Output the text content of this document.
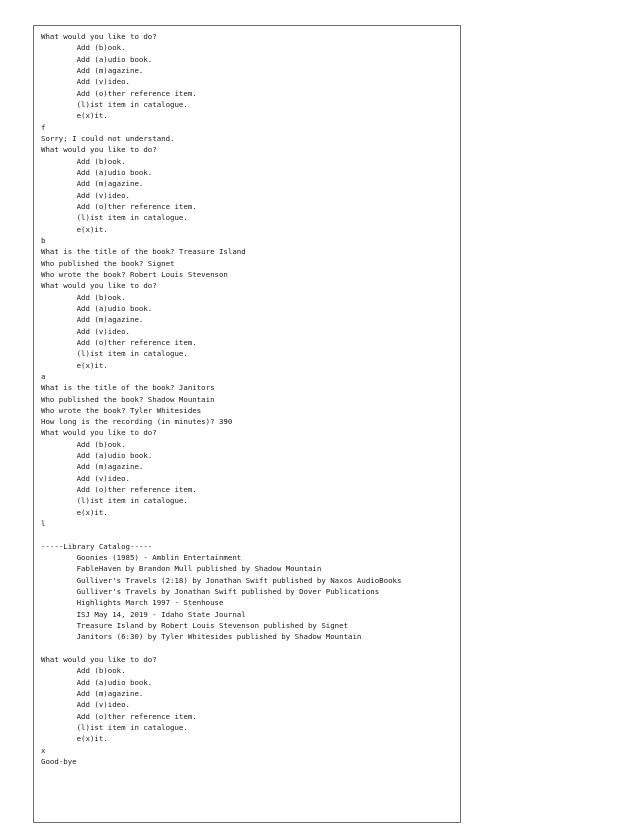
What would you like to do?
Add (b)ook.
Add (a)udio book.
Add (m)agazine.
Add (v)ideo.
Add (o)ther reference item.
(l)ist item in catalogue.
e(x)it.
f
Sorry; I could not understand.
What would you like to do?
Add (b)ook.
Add (a)udio book.
Add (m)agazine.
Add (v)ideo.
Add (o)ther reference item.
(l)ist item in catalogue.
e(x)it.
b
What is the title of the book? Treasure Island
Who published the book? Signet
Who wrote the book? Robert Louis Stevenson
What would you like to do?
Add (b)ook.
Add (a)udio book.
Add (m)agazine.
Add (v)ideo.
Add (o)ther reference item.
(l)ist item in catalogue.
e(x)it.
a
What is the title of the book? Janitors
Who published the book? Shadow Mountain
Who wrote the book? Tyler Whitesides
How long is the recording (in minutes)? 390
What would you like to do?
Add (b)ook.
Add (a)udio book.
Add (m)agazine.
Add (v)ideo.
Add (o)ther reference item.
(l)ist item in catalogue.
e(x)it.
l
-----Library Catalog-----
Goonies (1985) - Amblin Entertainment
FableHaven by Brandon Mull published by Shadow Mountain
Gulliver's Travels (2:18) by Jonathan Swift published by Naxos AudioBooks
Gulliver's Travels by Jonathan Swift published by Dover Publications
Highlights March 1997 - Stenhouse
ISJ May 14, 2019 - Idaho State Journal
Treasure Island by Robert Louis Stevenson published by Signet
Janitors (6:30) by Tyler Whitesides published by Shadow Mountain
What would you like to do?
Add (b)ook.
Add (a)udio book.
Add (m)agazine.
Add (v)ideo.
Add (o)ther reference item.
(l)ist item in catalogue.
e(x)it.
x
Good-bye
